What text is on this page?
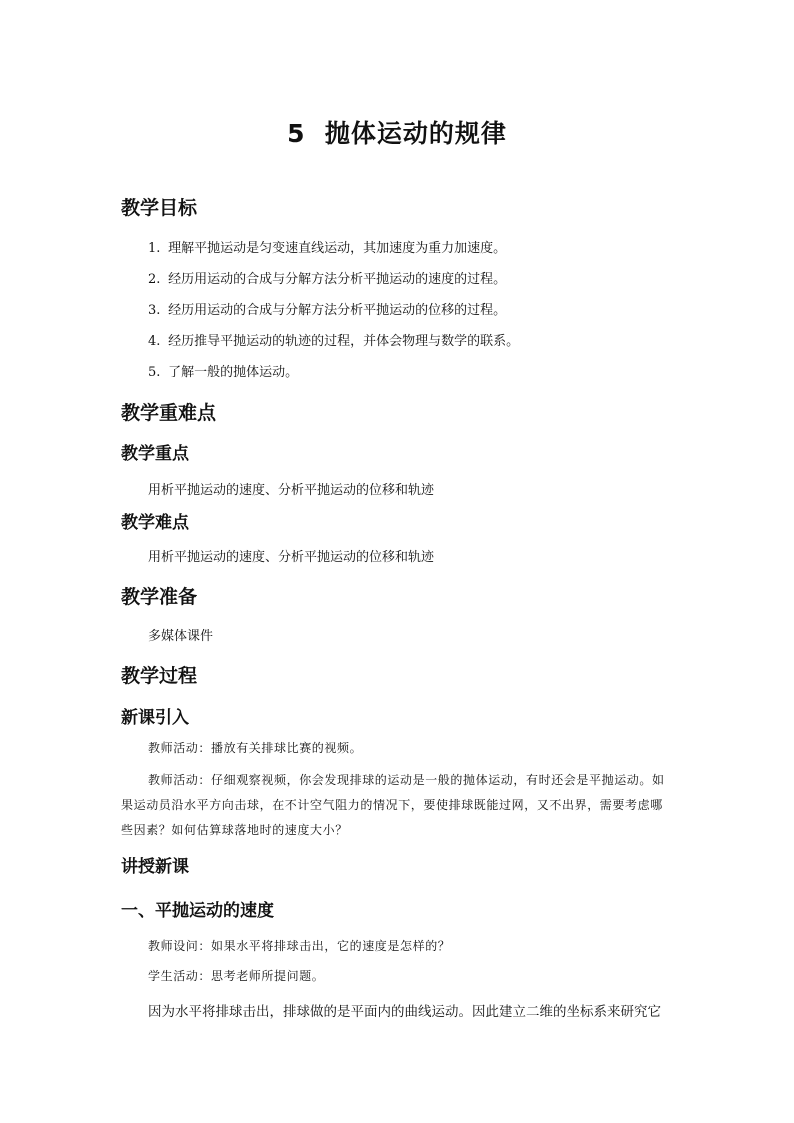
5  抛体运动的规律
教学目标
1. 理解平抛运动是匀变速直线运动，其加速度为重力加速度。
2. 经历用运动的合成与分解方法分析平抛运动的速度的过程。
3. 经历用运动的合成与分解方法分析平抛运动的位移的过程。
4. 经历推导平抛运动的轨迹的过程，并体会物理与数学的联系。
5. 了解一般的抛体运动。
教学重难点
教学重点
用析平抛运动的速度、分析平抛运动的位移和轨迹
教学难点
用析平抛运动的速度、分析平抛运动的位移和轨迹
教学准备
多媒体课件
教学过程
新课引入
教师活动：播放有关排球比赛的视频。
教师活动：仔细观察视频，你会发现排球的运动是一般的抛体运动，有时还会是平抛运动。如果运动员沿水平方向击球，在不计空气阻力的情况下，要使排球既能过网，又不出界，需要考虑哪些因素？如何估算球落地时的速度大小？
讲授新课
一、平抛运动的速度
教师设问：如果水平将排球击出，它的速度是怎样的？
学生活动：思考老师所提问题。
因为水平将排球击出，排球做的是平面内的曲线运动。因此建立二维的坐标系来研究它
